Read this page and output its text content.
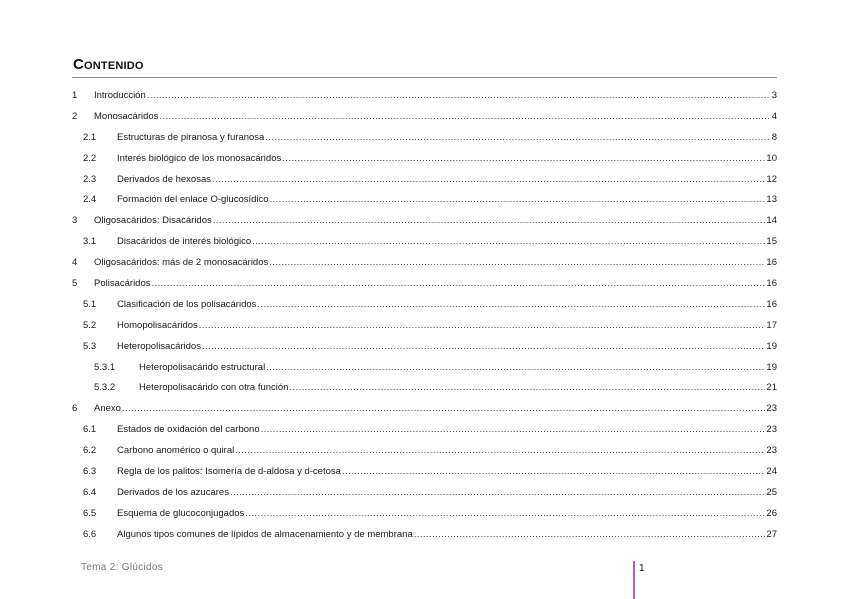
Contenido
1	Introducción .....	3
2	Monosacáridos .....	4
2.1	Estructuras de piranosa y furanosa .....	8
2.2	Interés biológico de los monosacáridos .....	10
2.3	Derivados de hexosas .....	12
2.4	Formación del enlace O-glucosídico .....	13
3	Oligosacáridos: Disacáridos .....	14
3.1	Disacáridos de interés biológico .....	15
4	Oligosacáridos: más de 2 monosacáridos .....	16
5	Polisacáridos .....	16
5.1	Clasificación de los polisacáridos .....	16
5.2	Homopolisacáridos .....	17
5.3	Heteropolisacáridos .....	19
5.3.1	Heteropolisacárido estructural .....	19
5.3.2	Heteropolisacárido con otra función .....	21
6	Anexo .....	23
6.1	Estados de oxidación del carbono .....	23
6.2	Carbono anomérico o quiral .....	23
6.3	Regla de los palitos: Isomería de d-aldosa y d-cetosa .....	24
6.4	Derivados de los azucares .....	25
6.5	Esquema de glucoconjugados .....	26
6.6	Algunos tipos comunes de lípidos de almacenamiento y de membrana .....	27
Tema 2: Glúcidos	1
